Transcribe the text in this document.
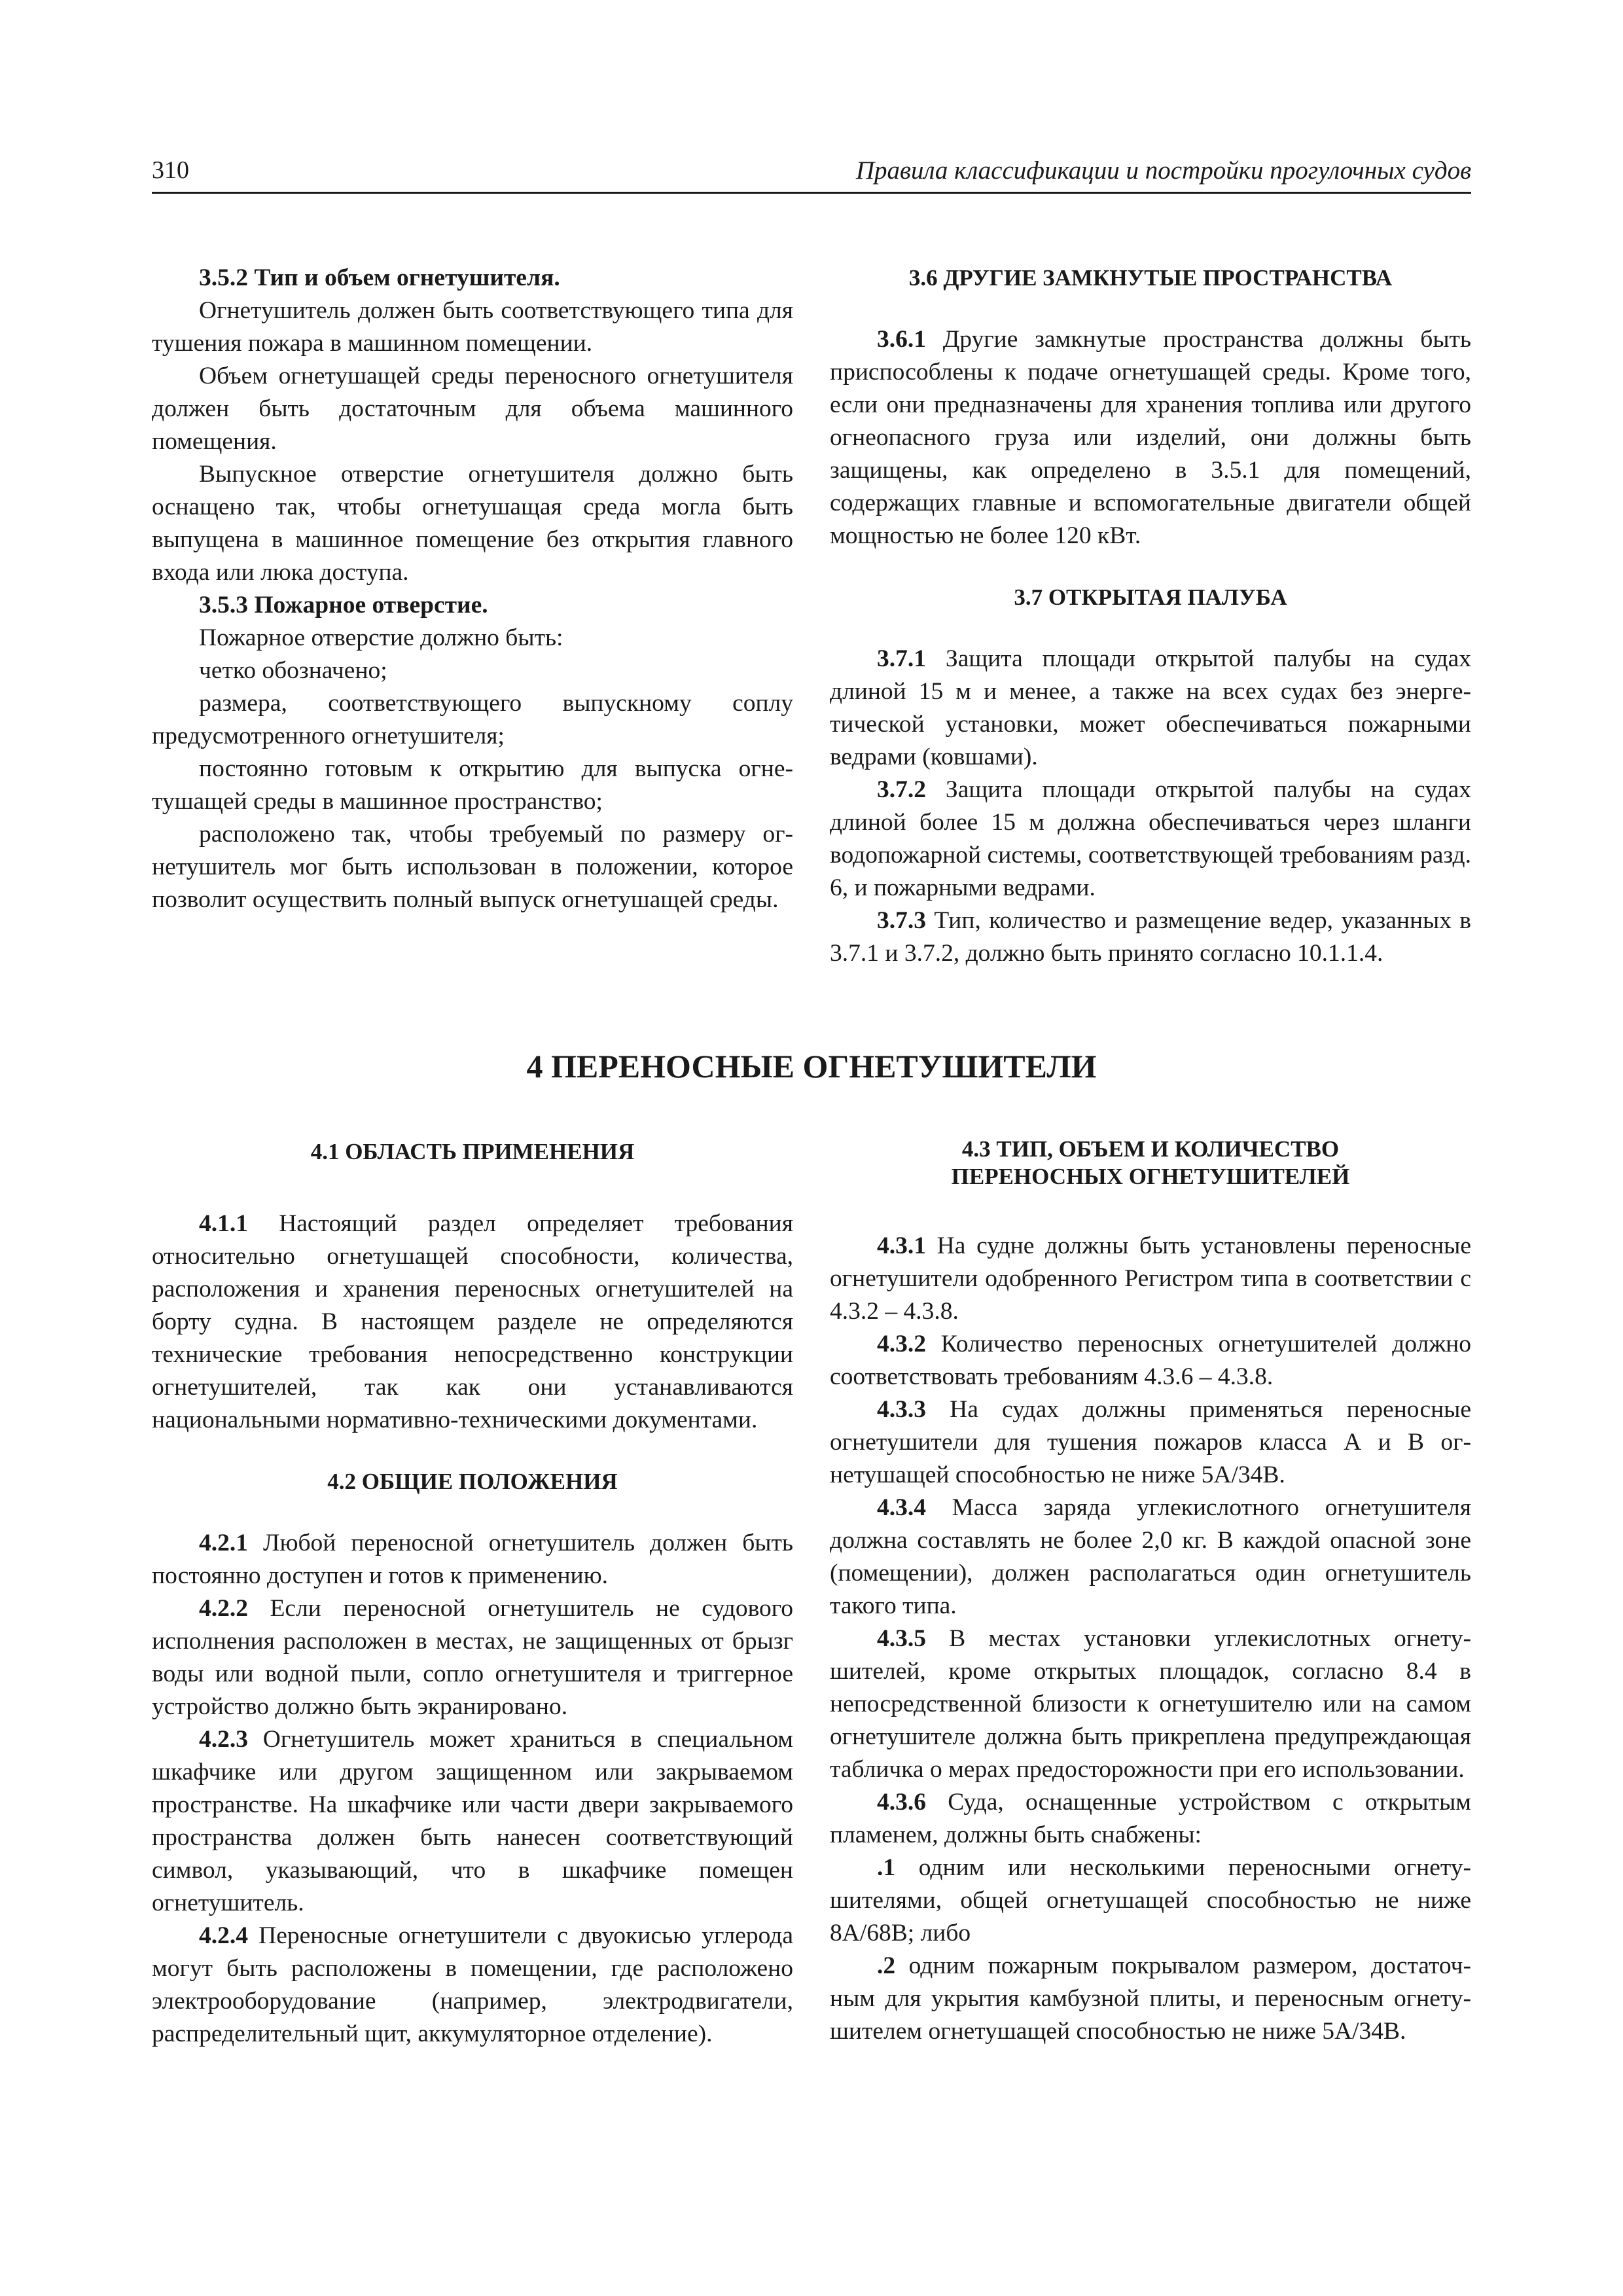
310	Правила классификации и постройки прогулочных судов

3.5.2 Тип и объем огнетушителя.

Огнетушитель должен быть соответствующего типа для тушения пожара в машинном помещении.

Объем огнетушащей среды переносного огнетушителя должен быть достаточным для объема машинного помещения.

Выпускное отверстие огнетушителя должно быть оснащено так, чтобы огнетушащая среда могла быть выпущена в машинное помещение без открытия главного входа или люка доступа.

3.5.3 Пожарное отверстие.

Пожарное отверстие должно быть:

четко обозначено;

размера, соответствующего выпускному соплу предусмотренного огнетушителя;

постоянно готовым к открытию для выпуска огнетушащей среды в машинное пространство;

расположено так, чтобы требуемый по размеру огнетушитель мог быть использован в положении, которое позволит осуществить полный выпуск огнетушащей среды.

3.6 ДРУГИЕ ЗАМКНУТЫЕ ПРОСТРАНСТВА

3.6.1 Другие замкнутые пространства должны быть приспособлены к подаче огнетушащей среды. Кроме того, если они предназначены для хранения топлива или другого огнеопасного груза или изделий, они должны быть защищены, как определено в 3.5.1 для помещений, содержащих главные и вспомогательные двигатели общей мощностью не более 120 кВт.

3.7 ОТКРЫТАЯ ПАЛУБА

3.7.1 Защита площади открытой палубы на судах длиной 15 м и менее, а также на всех судах без энергетической установки, может обеспечиваться пожарными ведрами (ковшами).

3.7.2 Защита площади открытой палубы на судах длиной более 15 м должна обеспечиваться через шланги водопожарной системы, соответствующей требованиям разд. 6, и пожарными ведрами.

3.7.3 Тип, количество и размещение ведер, указанных в 3.7.1 и 3.7.2, должно быть принято согласно 10.1.1.4.

4 ПЕРЕНОСНЫЕ ОГНЕТУШИТЕЛИ

4.1 ОБЛАСТЬ ПРИМЕНЕНИЯ

4.1.1 Настоящий раздел определяет требования относительно огнетушащей способности, количества, расположения и хранения переносных огнетушителей на борту судна. В настоящем разделе не определяются технические требования непосредственно конструкции огнетушителей, так как они устанавливаются национальными нормативно-техническими документами.

4.2 ОБЩИЕ ПОЛОЖЕНИЯ

4.2.1 Любой переносной огнетушитель должен быть постоянно доступен и готов к применению.

4.2.2 Если переносной огнетушитель не судового исполнения расположен в местах, не защищенных от брызг воды или водной пыли, сопло огнетушителя и триггерное устройство должно быть экранировано.

4.2.3 Огнетушитель может храниться в специальном шкафчике или другом защищенном или закрываемом пространстве. На шкафчике или части двери закрываемого пространства должен быть нанесен соответствующий символ, указывающий, что в шкафчике помещен огнетушитель.

4.2.4 Переносные огнетушители с двуокисью углерода могут быть расположены в помещении, где расположено электрооборудование (например, электродвигатели, распределительный щит, аккумуляторное отделение).

4.3 ТИП, ОБЪЕМ И КОЛИЧЕСТВО

ПЕРЕНОСНЫХ ОГНЕТУШИТЕЛЕЙ

4.3.1 На судне должны быть установлены переносные огнетушители одобренного Регистром типа в соответствии с 4.3.2 – 4.3.8.

4.3.2 Количество переносных огнетушителей должно соответствовать требованиям 4.3.6 – 4.3.8.

4.3.3 На судах должны применяться переносные огнетушители для тушения пожаров класса А и В огнетушащей способностью не ниже 5А/34В.

4.3.4 Масса заряда углекислотного огнетушителя должна составлять не более 2,0 кг. В каждой опасной зоне (помещении), должен располагаться один огнетушитель такого типа.

4.3.5 В местах установки углекислотных огнетушителей, кроме открытых площадок, согласно 8.4 в непосредственной близости к огнетушителю или на самом огнетушителе должна быть прикреплена предупреждающая табличка о мерах предосторожности при его использовании.

4.3.6 Суда, оснащенные устройством с открытым пламенем, должны быть снабжены:

.1 одним или несколькими переносными огнетушителями, общей огнетушащей способностью не ниже 8А/68В; либо

.2 одним пожарным покрывалом размером, достаточным для укрытия камбузной плиты, и переносным огнетушителем огнетушащей способностью не ниже 5А/34В.
